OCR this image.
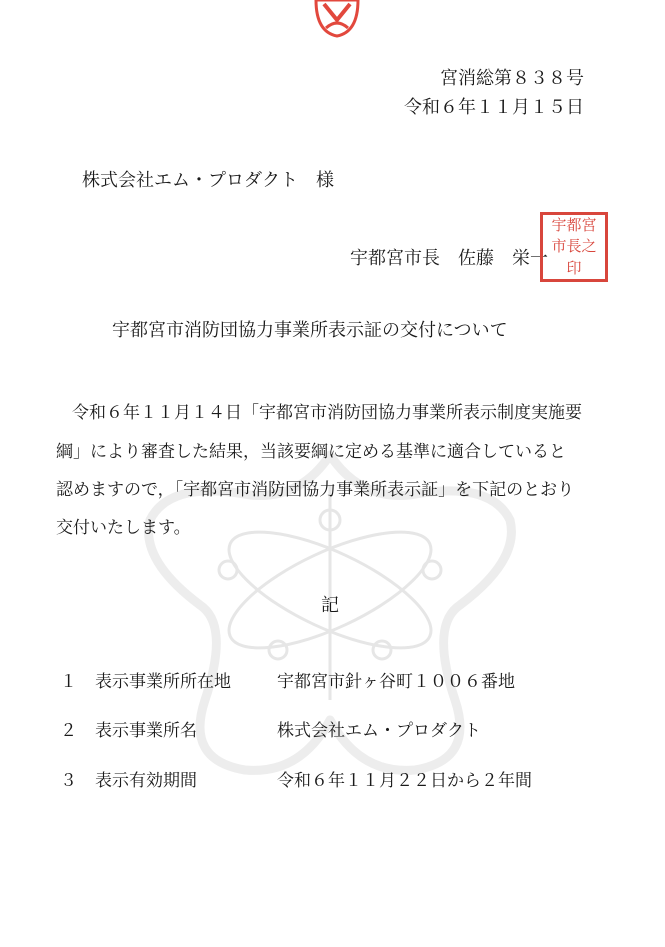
宮消総第８３８号
令和６年１１月１５日
株式会社エム・プロダクト　様
宇都宮市長　佐藤　栄一
宇都宮
市長之
印
宇都宮市消防団協力事業所表示証の交付について
令和６年１１月１４日「宇都宮市消防団協力事業所表示制度実施要
綱」により審査した結果，当該要綱に定める基準に適合していると
認めますので，「宇都宮市消防団協力事業所表示証」を下記のとおり
交付いたします。
記
１ 表示事業所所在地	宇都宮市針ヶ谷町１００６番地
２ 表示事業所名	株式会社エム・プロダクト
３ 表示有効期間	令和６年１１月２２日から２年間
